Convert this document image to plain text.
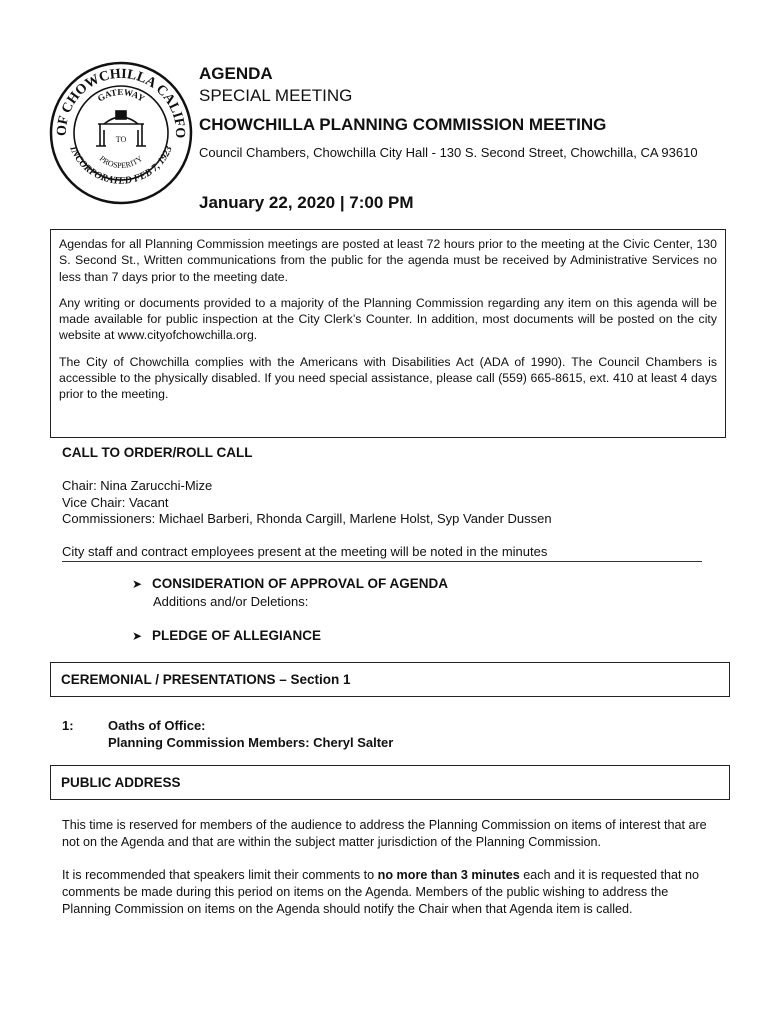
OF CHOWCHILLA CALIFO
INCORPORATED FEB 7, 1923
GATEWAY
PROSPERITY
TO
AGENDA
SPECIAL MEETING
CHOWCHILLA PLANNING COMMISSION MEETING
Council Chambers, Chowchilla City Hall - 130 S. Second Street, Chowchilla, CA 93610
January 22, 2020 | 7:00 PM

Agendas for all Planning Commission meetings are posted at least 72 hours prior to the meeting at the Civic Center, 130 S. Second St., Written communications from the public for the agenda must be received by Administrative Services no less than 7 days prior to the meeting date.

Any writing or documents provided to a majority of the Planning Commission regarding any item on this agenda will be made available for public inspection at the City Clerk’s Counter. In addition, most documents will be posted on the city website at www.cityofchowchilla.org.

The City of Chowchilla complies with the Americans with Disabilities Act (ADA of 1990). The Council Chambers is accessible to the physically disabled. If you need special assistance, please call (559) 665-8615, ext. 410 at least 4 days prior to the meeting.

CALL TO ORDER/ROLL CALL
Chair: Nina Zarucchi-Mize
Vice Chair: Vacant
Commissioners: Michael Barberi, Rhonda Cargill, Marlene Holst, Syp Vander Dussen
City staff and contract employees present at the meeting will be noted in the minutes
➤ CONSIDERATION OF APPROVAL OF AGENDA
Additions and/or Deletions:
➤ PLEDGE OF ALLEGIANCE
CEREMONIAL / PRESENTATIONS – Section 1
1:	Oaths of Office:
Planning Commission Members: Cheryl Salter
PUBLIC ADDRESS
This time is reserved for members of the audience to address the Planning Commission on items of interest that are not on the Agenda and that are within the subject matter jurisdiction of the Planning Commission.
It is recommended that speakers limit their comments to no more than 3 minutes each and it is requested that no comments be made during this period on items on the Agenda. Members of the public wishing to address the Planning Commission on items on the Agenda should notify the Chair when that Agenda item is called.
